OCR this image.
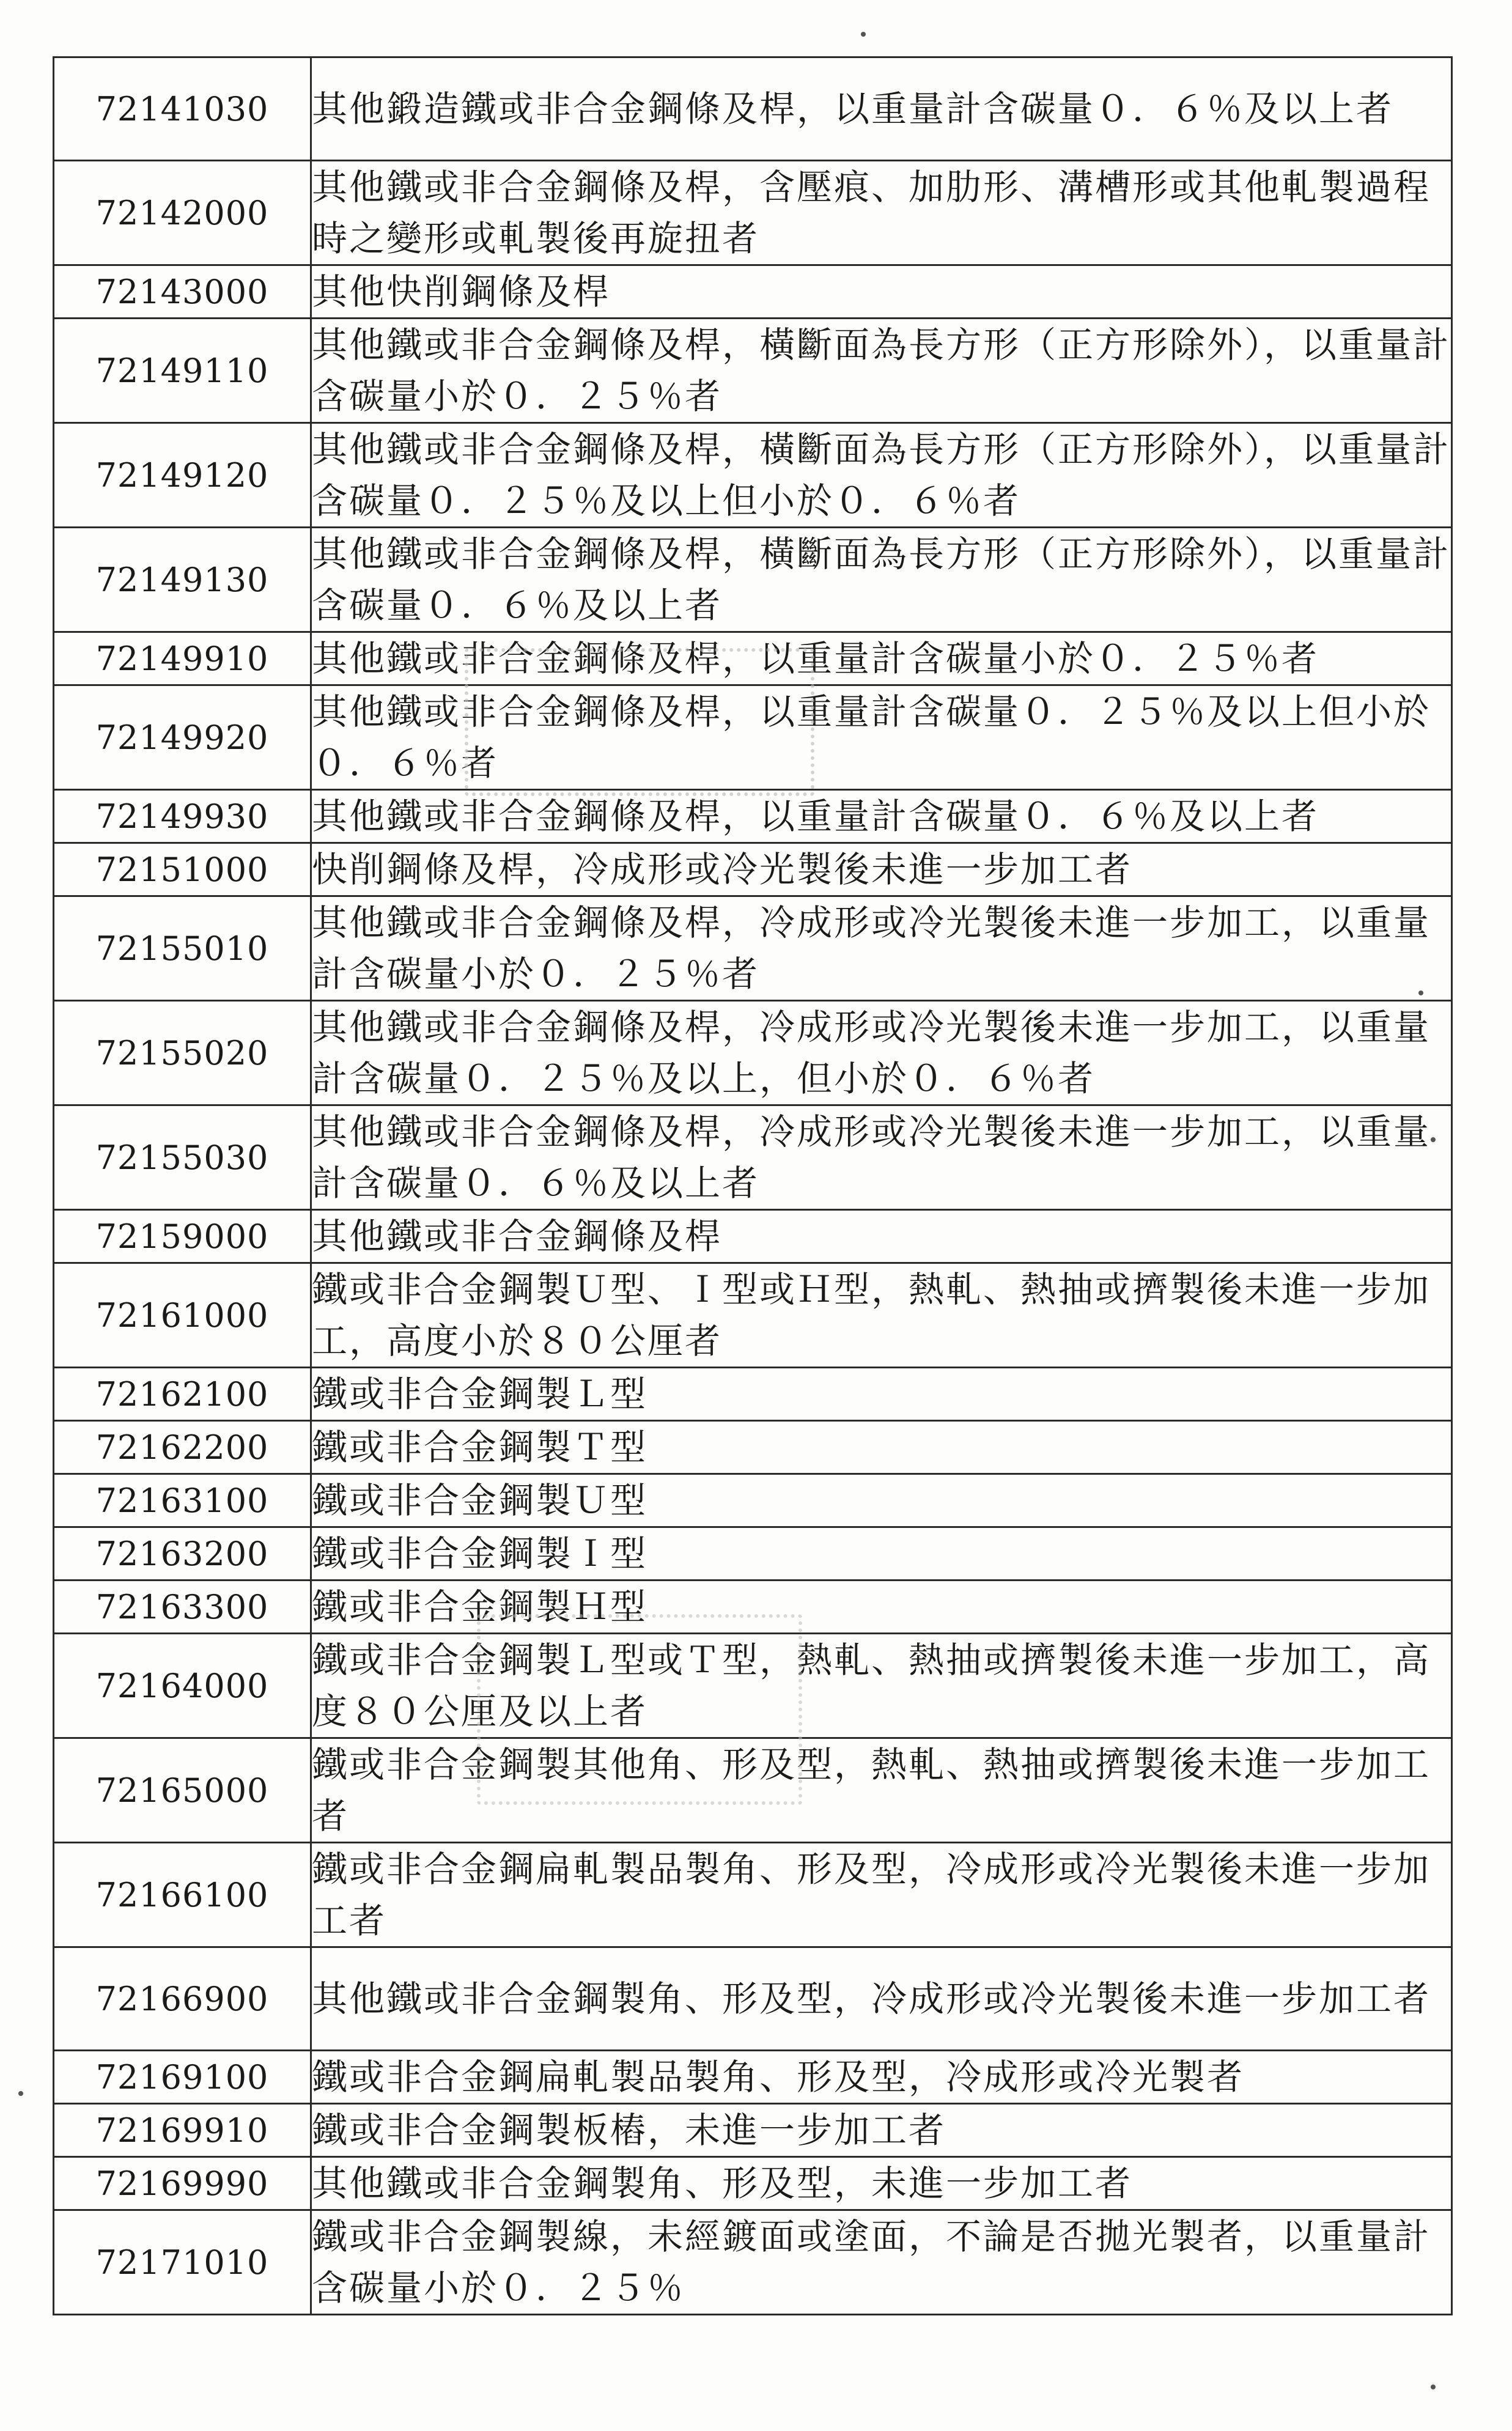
72141030	其他鍛造鐵或非合金鋼條及桿，以重量計含碳量０．６％及以上者
72142000	其他鐵或非合金鋼條及桿，含壓痕、加肋形、溝槽形或其他軋製過程時之變形或軋製後再旋扭者
72143000	其他快削鋼條及桿
72149110	其他鐵或非合金鋼條及桿，橫斷面為長方形（正方形除外），以重量計含碳量小於０．２５％者
72149120	其他鐵或非合金鋼條及桿，橫斷面為長方形（正方形除外），以重量計含碳量０．２５％及以上但小於０．６％者
72149130	其他鐵或非合金鋼條及桿，橫斷面為長方形（正方形除外），以重量計含碳量０．６％及以上者
72149910	其他鐵或非合金鋼條及桿，以重量計含碳量小於０．２５％者
72149920	其他鐵或非合金鋼條及桿，以重量計含碳量０．２５％及以上但小於０．６％者
72149930	其他鐵或非合金鋼條及桿，以重量計含碳量０．６％及以上者
72151000	快削鋼條及桿，冷成形或冷光製後未進一步加工者
72155010	其他鐵或非合金鋼條及桿，冷成形或冷光製後未進一步加工，以重量計含碳量小於０．２５％者
72155020	其他鐵或非合金鋼條及桿，冷成形或冷光製後未進一步加工，以重量計含碳量０．２５％及以上，但小於０．６％者
72155030	其他鐵或非合金鋼條及桿，冷成形或冷光製後未進一步加工，以重量計含碳量０．６％及以上者
72159000	其他鐵或非合金鋼條及桿
72161000	鐵或非合金鋼製Ｕ型、Ｉ型或Ｈ型，熱軋、熱抽或擠製後未進一步加工，高度小於８０公厘者
72162100	鐵或非合金鋼製Ｌ型
72162200	鐵或非合金鋼製Ｔ型
72163100	鐵或非合金鋼製Ｕ型
72163200	鐵或非合金鋼製Ｉ型
72163300	鐵或非合金鋼製Ｈ型
72164000	鐵或非合金鋼製Ｌ型或Ｔ型，熱軋、熱抽或擠製後未進一步加工，高度８０公厘及以上者
72165000	鐵或非合金鋼製其他角、形及型，熱軋、熱抽或擠製後未進一步加工者
72166100	鐵或非合金鋼扁軋製品製角、形及型，冷成形或冷光製後未進一步加工者
72166900	其他鐵或非合金鋼製角、形及型，冷成形或冷光製後未進一步加工者
72169100	鐵或非合金鋼扁軋製品製角、形及型，冷成形或冷光製者
72169910	鐵或非合金鋼製板樁，未進一步加工者
72169990	其他鐵或非合金鋼製角、形及型，未進一步加工者
72171010	鐵或非合金鋼製線，未經鍍面或塗面，不論是否拋光製者，以重量計含碳量小於０．２５％
